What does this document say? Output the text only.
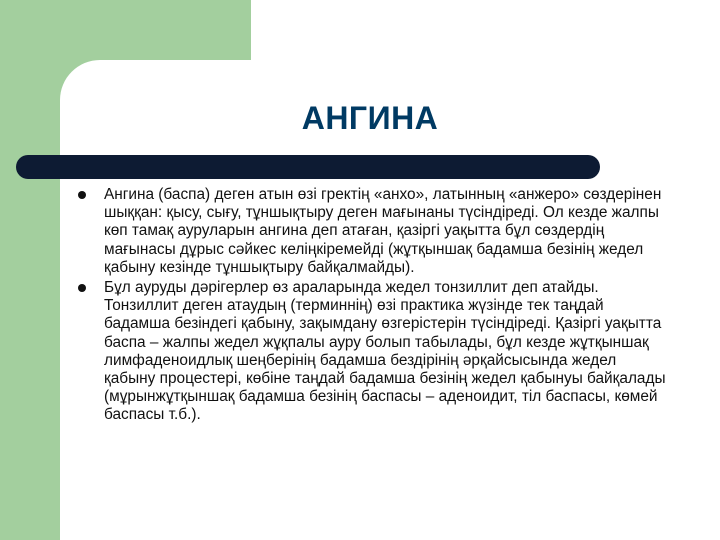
АНГИНА
Ангина (баспа) деген атын өзі гректің «анхо», латынның «анжеро» сөздерінен шыққан: қысу, сығу, тұншықтыру деген мағынаны түсіндіреді. Ол кезде жалпы көп тамақ ауруларын ангина деп атаған, қазіргі уақытта бұл сөздердің мағынасы дұрыс сәйкес келіңкіремейді (жұтқыншақ бадамша безінің жедел қабыну кезінде тұншықтыру байқалмайды).
Бұл ауруды дәрігерлер өз араларында жедел тонзиллит деп атайды. Тонзиллит деген атаудың (терминнің) өзі практика жүзінде тек таңдай бадамша безіндегі қабыну, зақымдану өзгерістерін түсіндіреді. Қазіргі уақытта баспа – жалпы жедел жұқпалы ауру болып табылады, бұл кезде жұтқыншақ лимфаденоидлық шеңберінің бадамша бездірінің әрқайсысында жедел қабыну процестері, көбіне таңдай бадамша безінің жедел қабынуы байқалады (мұрынжұтқыншақ бадамша безінің баспасы – аденоидит, тіл баспасы, көмей баспасы т.б.).
